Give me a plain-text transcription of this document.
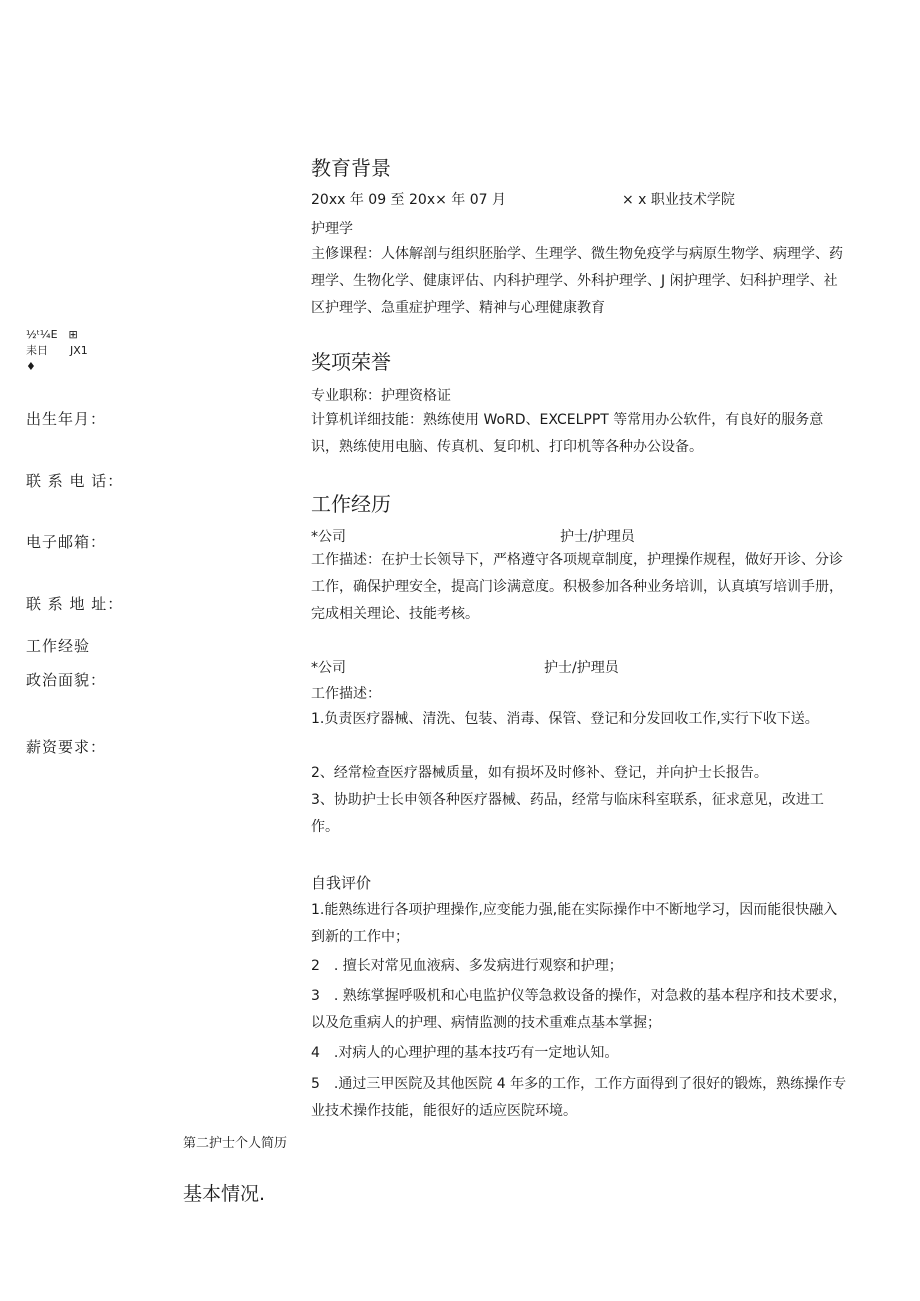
½ᵗ¼E　⊞
耒日　　JX1
♦
出生年月：
联 系 电 话：
电子邮箱：
联 系 地 址：
工作经验
政治面貌：
薪资要求：
教育背景
20xx 年 09 至 20x× 年 07 月	× x 职业技术学院
护理学
主修课程：人体解剖与组织胚胎学、生理学、微生物免疫学与病原生物学、病理学、药理学、生物化学、健康评估、内科护理学、外科护理学、J 闲护理学、妇科护理学、社区护理学、急重症护理学、精神与心理健康教育
奖项荣誉
专业职称：护理资格证
计算机详细技能：熟练使用 WoRD、EXCELPPT 等常用办公软件，有良好的服务意识，熟练使用电脑、传真机、复印机、打印机等各种办公设备。
工作经历
*公司	护士/护理员
工作描述：在护士长领导下，严格遵守各项规章制度，护理操作规程，做好开诊、分诊工作，确保护理安全，提高门诊满意度。积极参加各种业务培训，认真填写培训手册，完成相关理论、技能考核。
*公司	护士/护理员
工作描述：
1.负责医疗器械、清洗、包装、消毒、保管、登记和分发回收工作,实行下收下送。
2、经常检查医疗器械质量，如有损坏及时修补、登记，并向护士长报告。
3、协助护士长申领各种医疗器械、药品，经常与临床科室联系，征求意见，改进工作。
自我评价
1.能熟练进行各项护理操作,应变能力强,能在实际操作中不断地学习，因而能很快融入到新的工作中；
2　. 擅长对常见血液病、多发病进行观察和护理；
3　. 熟练掌握呼吸机和心电监护仪等急救设备的操作，对急救的基本程序和技术要求，以及危重病人的护理、病情监测的技术重难点基本掌握；
4　.对病人的心理护理的基本技巧有一定地认知。
5　.通过三甲医院及其他医院 4 年多的工作，工作方面得到了很好的锻炼，熟练操作专业技术操作技能，能很好的适应医院环境。
第二护士个人简历
基本情况.
